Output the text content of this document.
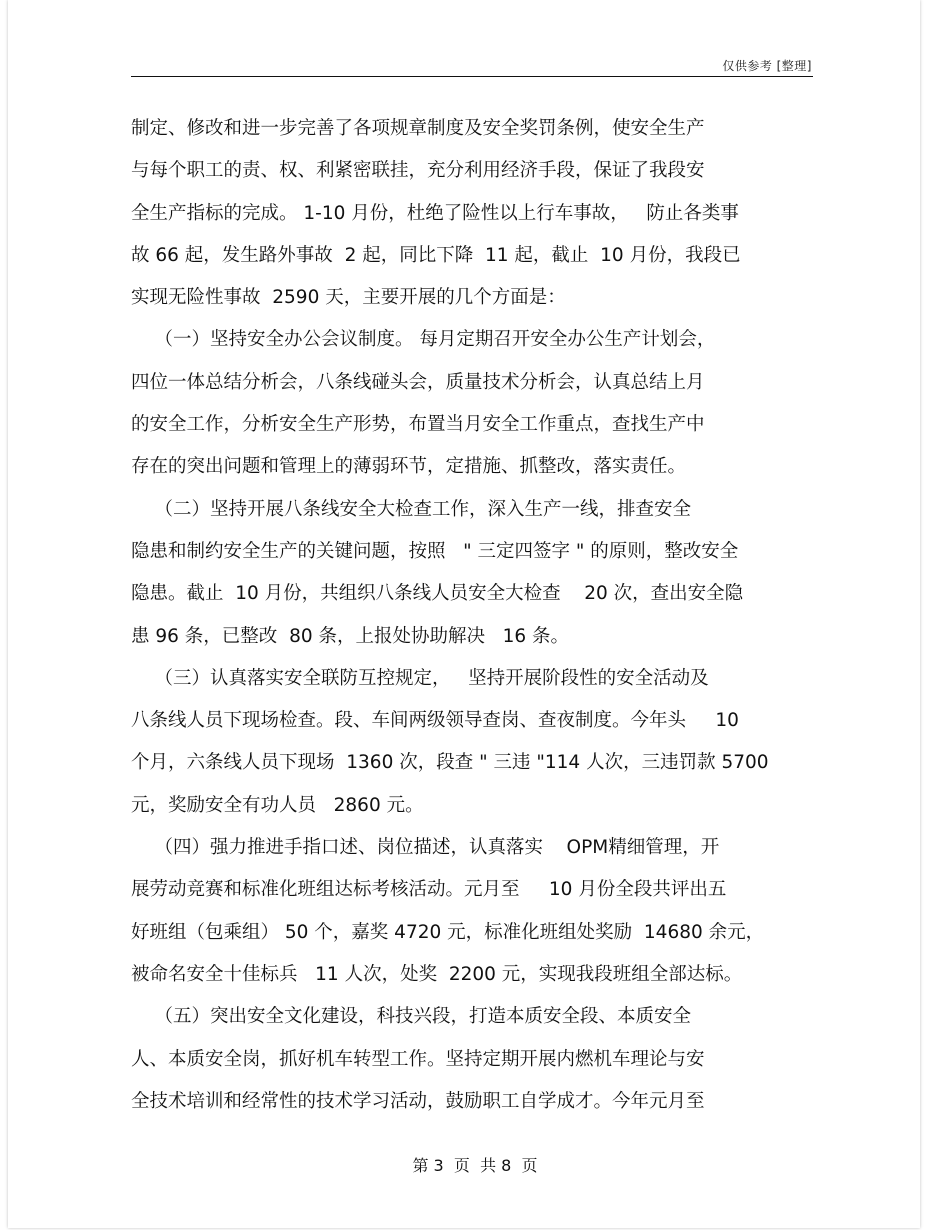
仅供参考 [整理]
制定、修改和进一步完善了各项规章制度及安全奖罚条例，使安全生产
与每个职工的责、权、利紧密联挂，充分利用经济手段，保证了我段安
全生产指标的完成。 1-10 月份，杜绝了险性以上行车事故，   防止各类事
故 66 起，发生路外事故  2 起，同比下降  11 起，截止  10 月份，我段已
实现无险性事故  2590 天，主要开展的几个方面是：
（一）坚持安全办公会议制度。 每月定期召开安全办公生产计划会，
四位一体总结分析会，八条线碰头会，质量技术分析会，认真总结上月
的安全工作，分析安全生产形势，布置当月安全工作重点，查找生产中
存在的突出问题和管理上的薄弱环节，定措施、抓整改，落实责任。
（二）坚持开展八条线安全大检查工作，深入生产一线，排查安全
隐患和制约安全生产的关键问题，按照   " 三定四签字 " 的原则，整改安全
隐患。截止  10 月份，共组织八条线人员安全大检查    20 次，查出安全隐
患 96 条，已整改  80 条，上报处协助解决   16 条。
（三）认真落实安全联防互控规定，   坚持开展阶段性的安全活动及
八条线人员下现场检查。段、车间两级领导查岗、查夜制度。今年头     10
个月，六条线人员下现场  1360 次，段查 " 三违 "114 人次，三违罚款 5700
元，奖励安全有功人员   2860 元。
（四）强力推进手指口述、岗位描述，认真落实    OPM精细管理，开
展劳动竞赛和标准化班组达标考核活动。元月至     10 月份全段共评出五
好班组（包乘组） 50 个，嘉奖 4720 元，标准化班组处奖励  14680 余元，
被命名安全十佳标兵   11 人次，处奖  2200 元，实现我段班组全部达标。
（五）突出安全文化建设，科技兴段，打造本质安全段、本质安全
人、本质安全岗，抓好机车转型工作。坚持定期开展内燃机车理论与安
全技术培训和经常性的技术学习活动，鼓励职工自学成才。今年元月至
第 3  页  共 8  页
